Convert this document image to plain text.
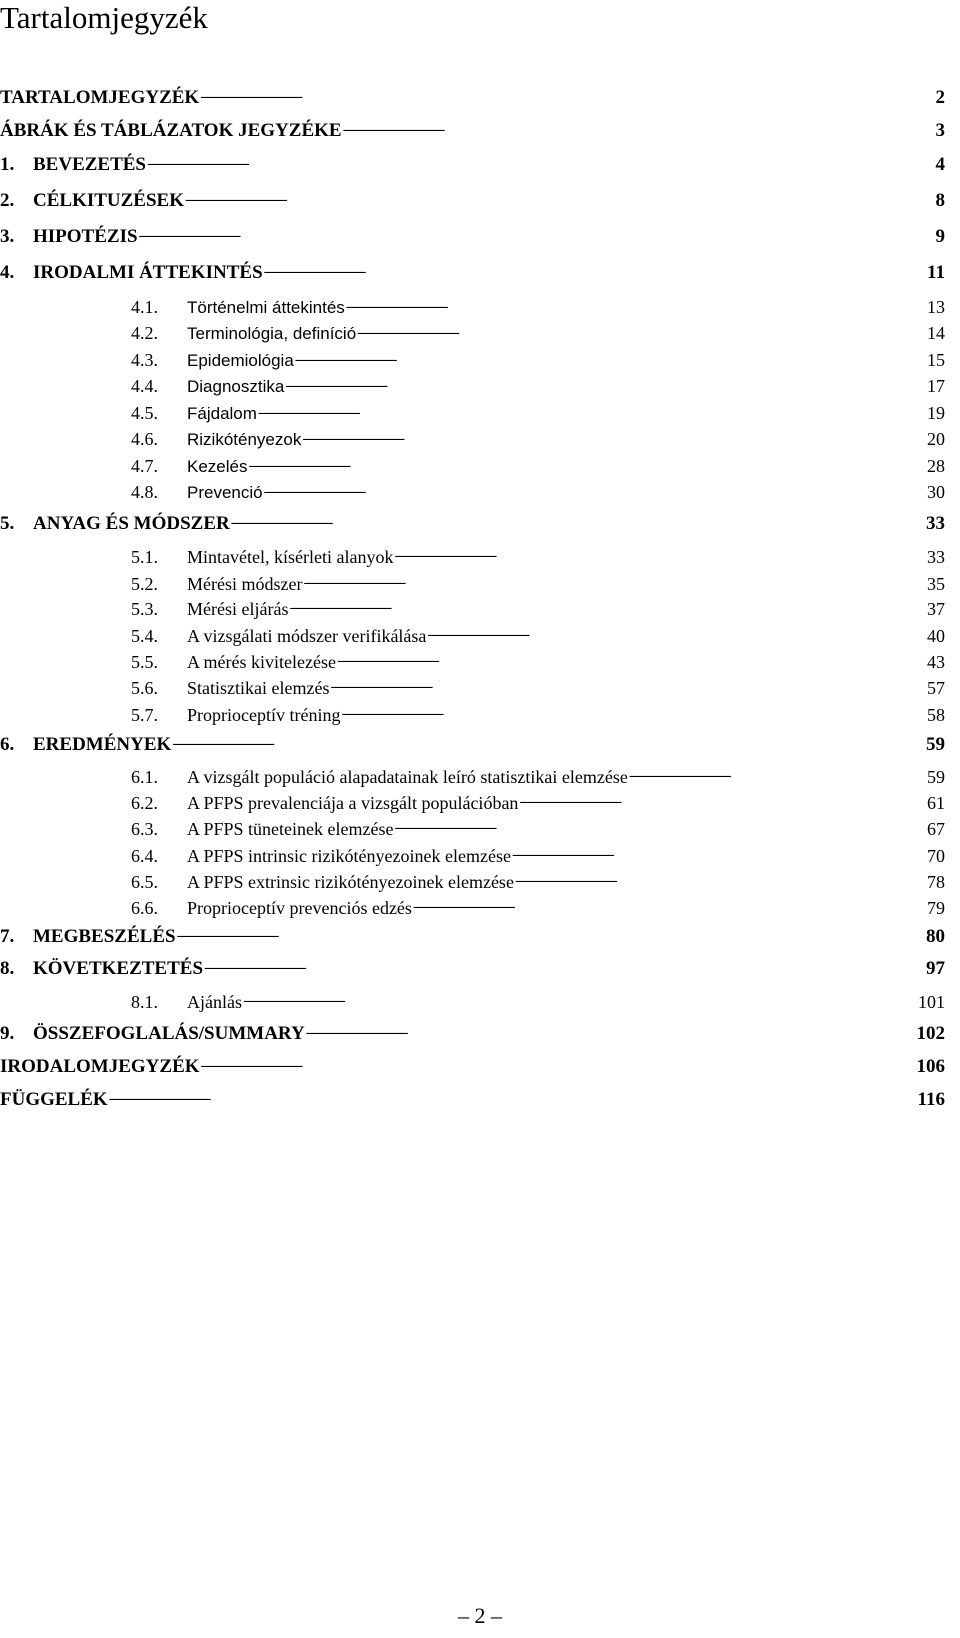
Tartalomjegyzék
TARTALOMJEGYZÉK . . .	2
ÁBRÁK ÉS TÁBLÁZATOK JEGYZÉKE . . .	3
1. BEVEZETÉS . . .	4
2. CÉLKITUZÉSEK . . .	8
3. HIPOTÉZIS . . .	9
4. IRODALMI ÁTTEKINTÉS . . .	11
4.1.	Történelmi áttekintés . . .	13
4.2.	Terminológia, definíció . . .	14
4.3.	Epidemiológia . . .	15
4.4.	Diagnosztika . . .	17
4.5.	Fájdalom . . .	19
4.6.	Rizikótényezok . . .	20
4.7.	Kezelés . . .	28
4.8.	Prevenció . . .	30
5. ANYAG ÉS MÓDSZER . . .	33
5.1.	Mintavétel, kísérleti alanyok . . .	33
5.2.	Mérési módszer . . .	35
5.3.	Mérési eljárás . . .	37
5.4.	A vizsgálati módszer verifikálása . . .	40
5.5.	A mérés kivitelezése . . .	43
5.6.	Statisztikai elemzés . . .	57
5.7.	Proprioceptív tréning . . .	58
6. EREDMÉNYEK . . .	59
6.1.	A vizsgált populáció alapadatainak leíró statisztikai elemzése . . .	59
6.2.	A PFPS prevalenciája a vizsgált populációban . . .	61
6.3.	A PFPS tüneteinek elemzése . . .	67
6.4.	A PFPS intrinsic rizikótényezoinek elemzése . . .	70
6.5.	A PFPS extrinsic rizikótényezoinek elemzése . . .	78
6.6.	Proprioceptív prevenciós edzés . . .	79
7. MEGBESZÉLÉS . . .	80
8. KÖVETKEZTETÉS . . .	97
8.1.	Ajánlás . . .	101
9. ÖSSZEFOGLALÁS/SUMMARY . . .	102
IRODALOMJEGYZÉK . . .	106
FÜGGELÉK . . .	116
– 2 –
